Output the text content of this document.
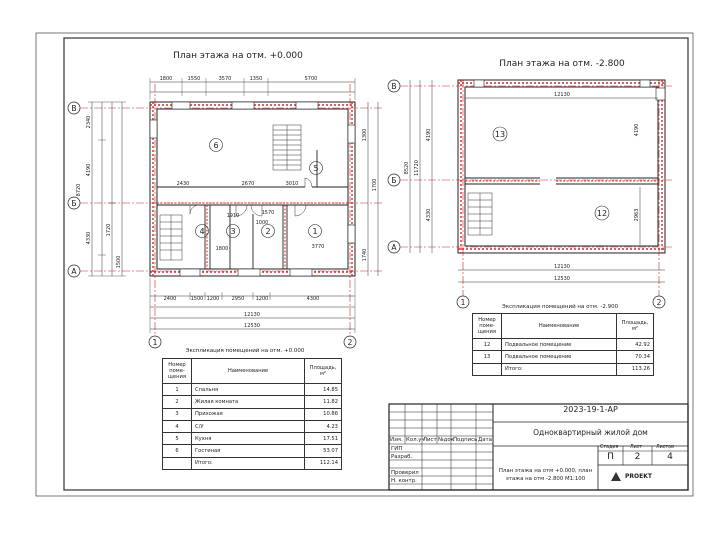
План этажа на отм. +0.000
1
2
3
4
5
6
В
Б
А
1	2
1800	1550	3570	1350	5700
2400	1500 1200 2950 1200	4300
12130
12530
2430	2670	3010
1570
3770
1800
1000
1910
2340
4190
8720
1720
4330
1500
1300
1700
1740
План этажа на отм. -2.800
13
12
В
Б
А
1	2
12130
12130
12530
4190
4330
8520 11720
2963
4190
Экспликация помещений на отм. +0.000
Экспликация помещений на отм. -2.900
Номер поме- щения	Наименование	Площадь, м²
1	Спальня	14.85
2	Жилая комната	11.82
3	Прихожая	10.86
4	С/У	4.23
5	Кухня	17.51
6	Гостиная	53.07
	Итого:	112.14
Номер поме- щения	Наименование	Площадь, м²
12	Подвальное помещение	42.92
13	Подвальное помещение	70.34
	Итого:	113.26
2023-19-1-АР
Одноквартирный жилой дом
Изм. Кол.уч
Лист №док Подпись Дата
ГИП
Разраб.
Проверил
Н. контр.
Стадия Лист	Листов
П	2	4
План этажа на отм +0.000, план этажа на отм -2.800 М1:100	PROEKT
